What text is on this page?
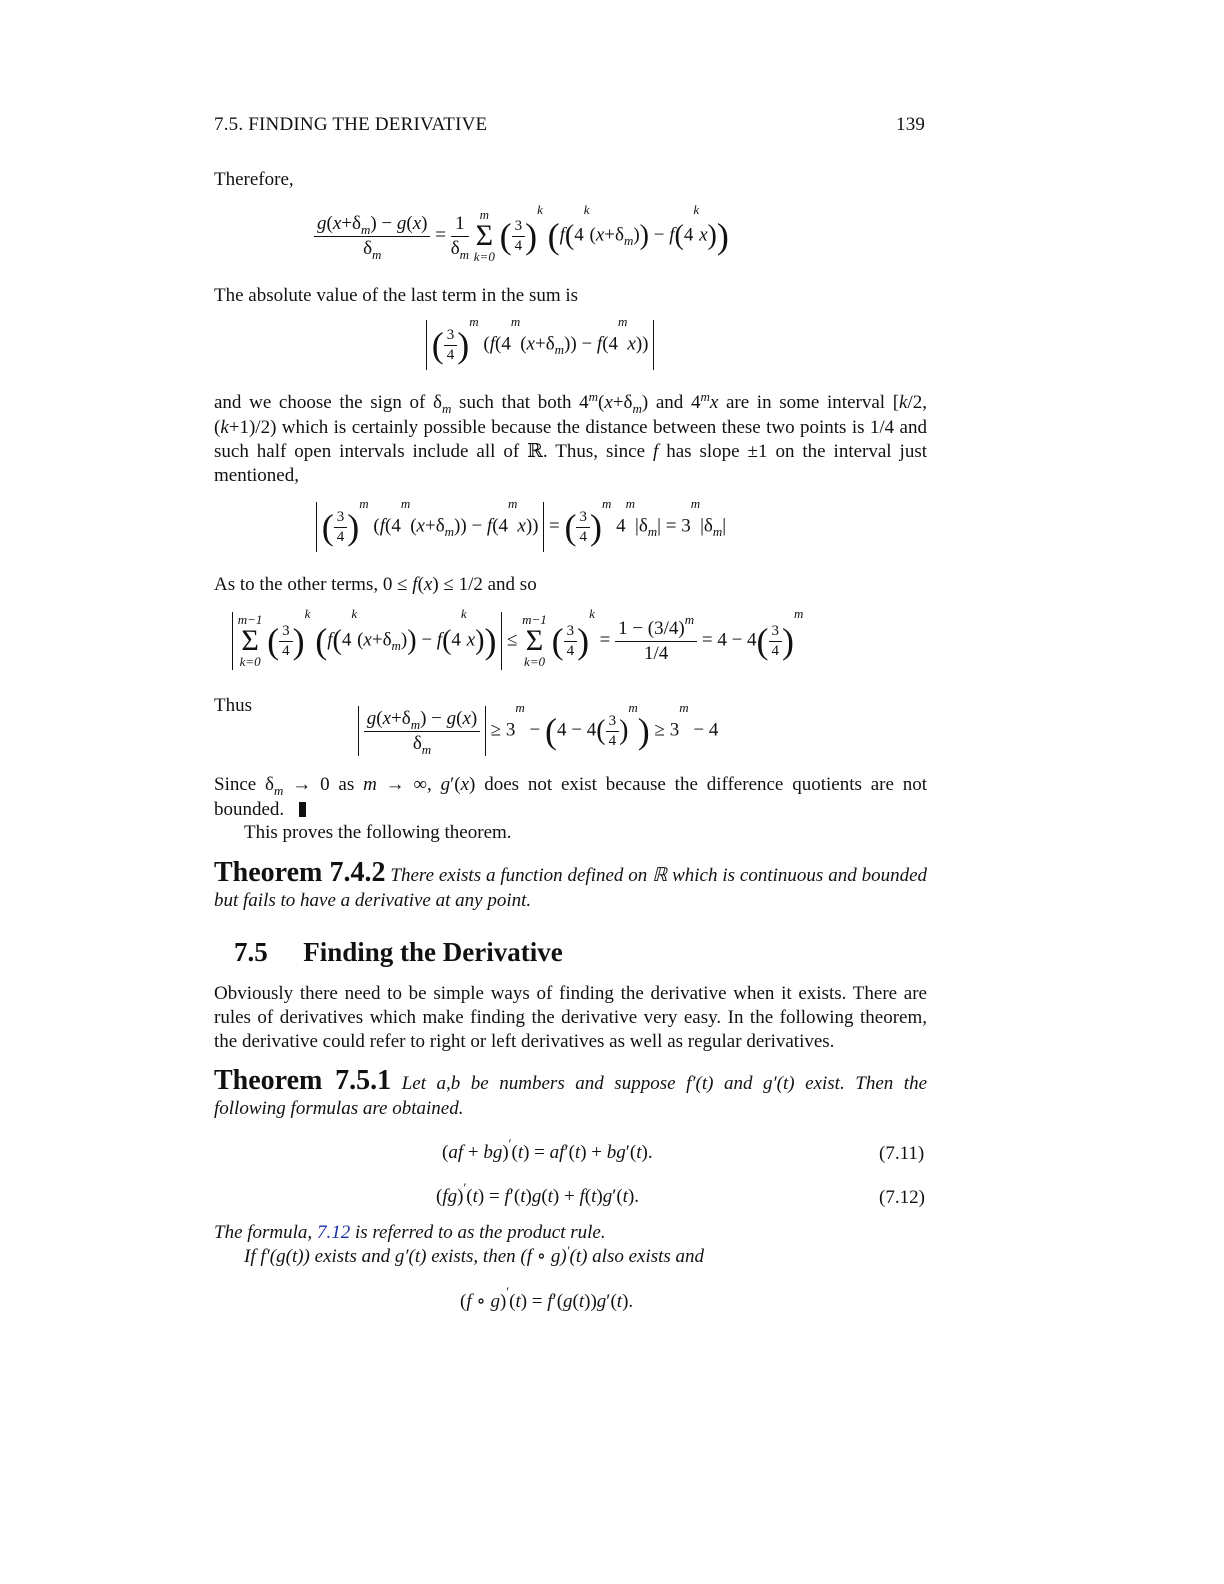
7.5. FINDING THE DERIVATIVE	139
Therefore,
$\frac{g(x+\delta_m) - g(x)}{\delta_m} = \frac{1}{\delta_m}$
m
Σ
k=0
( $\frac{3}{4} )^k$ $(f(4^k(x+\delta_m)) - f(4^kx))$
The absolute value of the last term in the sum is
( $\frac{3}{4} )^m$ $(f(4^m(x+\delta_m)) - f(4^mx))$
and we choose the sign of $\delta_m$ such that both $4^m(x+\delta_m)$ and 4$^m$x are in some interval [k/2,(k+1)/2) which is certainly possible because the distance between these two points is 1/4 and such half open intervals include all of ℝ. Thus, since f has slope ±1 on the interval just mentioned,
( $\frac{3}{4} )^m$ $(f(4^m(x+\delta_m)) - f(4^mx))$  = ( $\frac{3}{4} )^m$ $4^m|\delta_m| = 3^m|\delta_m|$
As to the other terms, 0 ≤ f(x) ≤ 1/2 and so

m−1
Σ
k=0
( $\frac{3}{4} )^k$ $(f(4^k(x+\delta_m)) - f(4^kx))$  ≤
m−1
Σ
k=0
( $\frac{3}{4} )^k = \frac{1 - (3/4)^m}{1/4} = 4 - 4( \frac{3}{4} )^m$
Thus

$\frac{g(x+\delta_m) - g(x)}{\delta_m} \ge 3^m - (4 - 4( \frac{3}{4} )^m) \ge 3^m - 4$
Since $\delta_m \to 0$ as m → ∞, g′(x) does not exist because the difference quotients are not bounded.
This proves the following theorem.
Theorem 7.4.2 There exists a function defined on ℝ which is continuous and bounded but fails to have a derivative at any point.
7.5 Finding the Derivative
Obviously there need to be simple ways of finding the derivative when it exists. There are rules of derivatives which make finding the derivative very easy. In the following theorem, the derivative could refer to right or left derivatives as well as regular derivatives.
Theorem 7.5.1 Let a,b be numbers and suppose f′(t) and g′(t) exist. Then the following formulas are obtained.
(af + bg)′(t) = af′(t) + bg′(t).	(7.11)
(fg)′(t) = f′(t)g(t) + f(t)g′(t).	(7.12)
The formula, 7.12 is referred to as the product rule.
If f′(g(t)) exists and g′(t) exists, then (f ∘ g)′(t) also exists and
(f ∘ g)′(t) = f′(g(t))g′(t).
